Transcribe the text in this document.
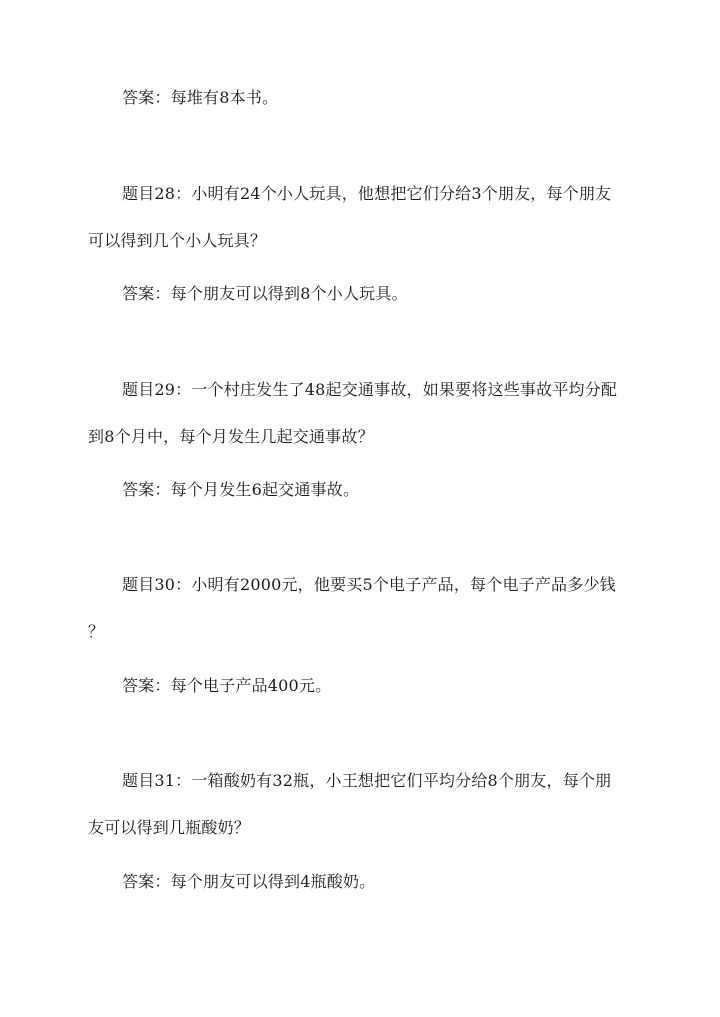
答案：每堆有8本书。
题目28：小明有24个小人玩具，他想把它们分给3个朋友，每个朋友
可以得到几个小人玩具？
答案：每个朋友可以得到8个小人玩具。
题目29：一个村庄发生了48起交通事故，如果要将这些事故平均分配
到8个月中，每个月发生几起交通事故？
答案：每个月发生6起交通事故。
题目30：小明有2000元，他要买5个电子产品，每个电子产品多少钱
？
答案：每个电子产品400元。
题目31：一箱酸奶有32瓶，小王想把它们平均分给8个朋友，每个朋
友可以得到几瓶酸奶？
答案：每个朋友可以得到4瓶酸奶。
